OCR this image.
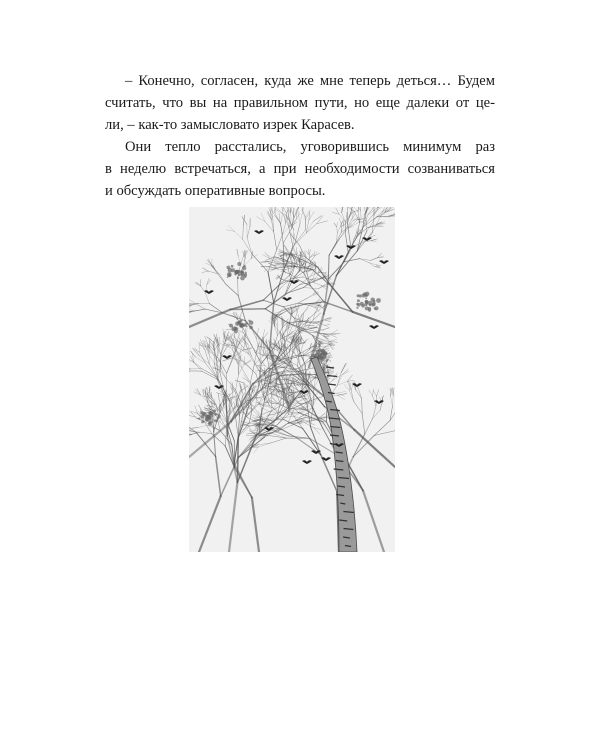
– Конечно, согласен, куда же мне теперь деться… Будем
считать, что вы на правильном пути, но еще далеки от це-
ли, – как-то замысловато изрек Карасев.
Они тепло расстались, уговорившись минимум раз
в неделю встречаться, а при необходимости созваниваться
и обсуждать оперативные вопросы.
